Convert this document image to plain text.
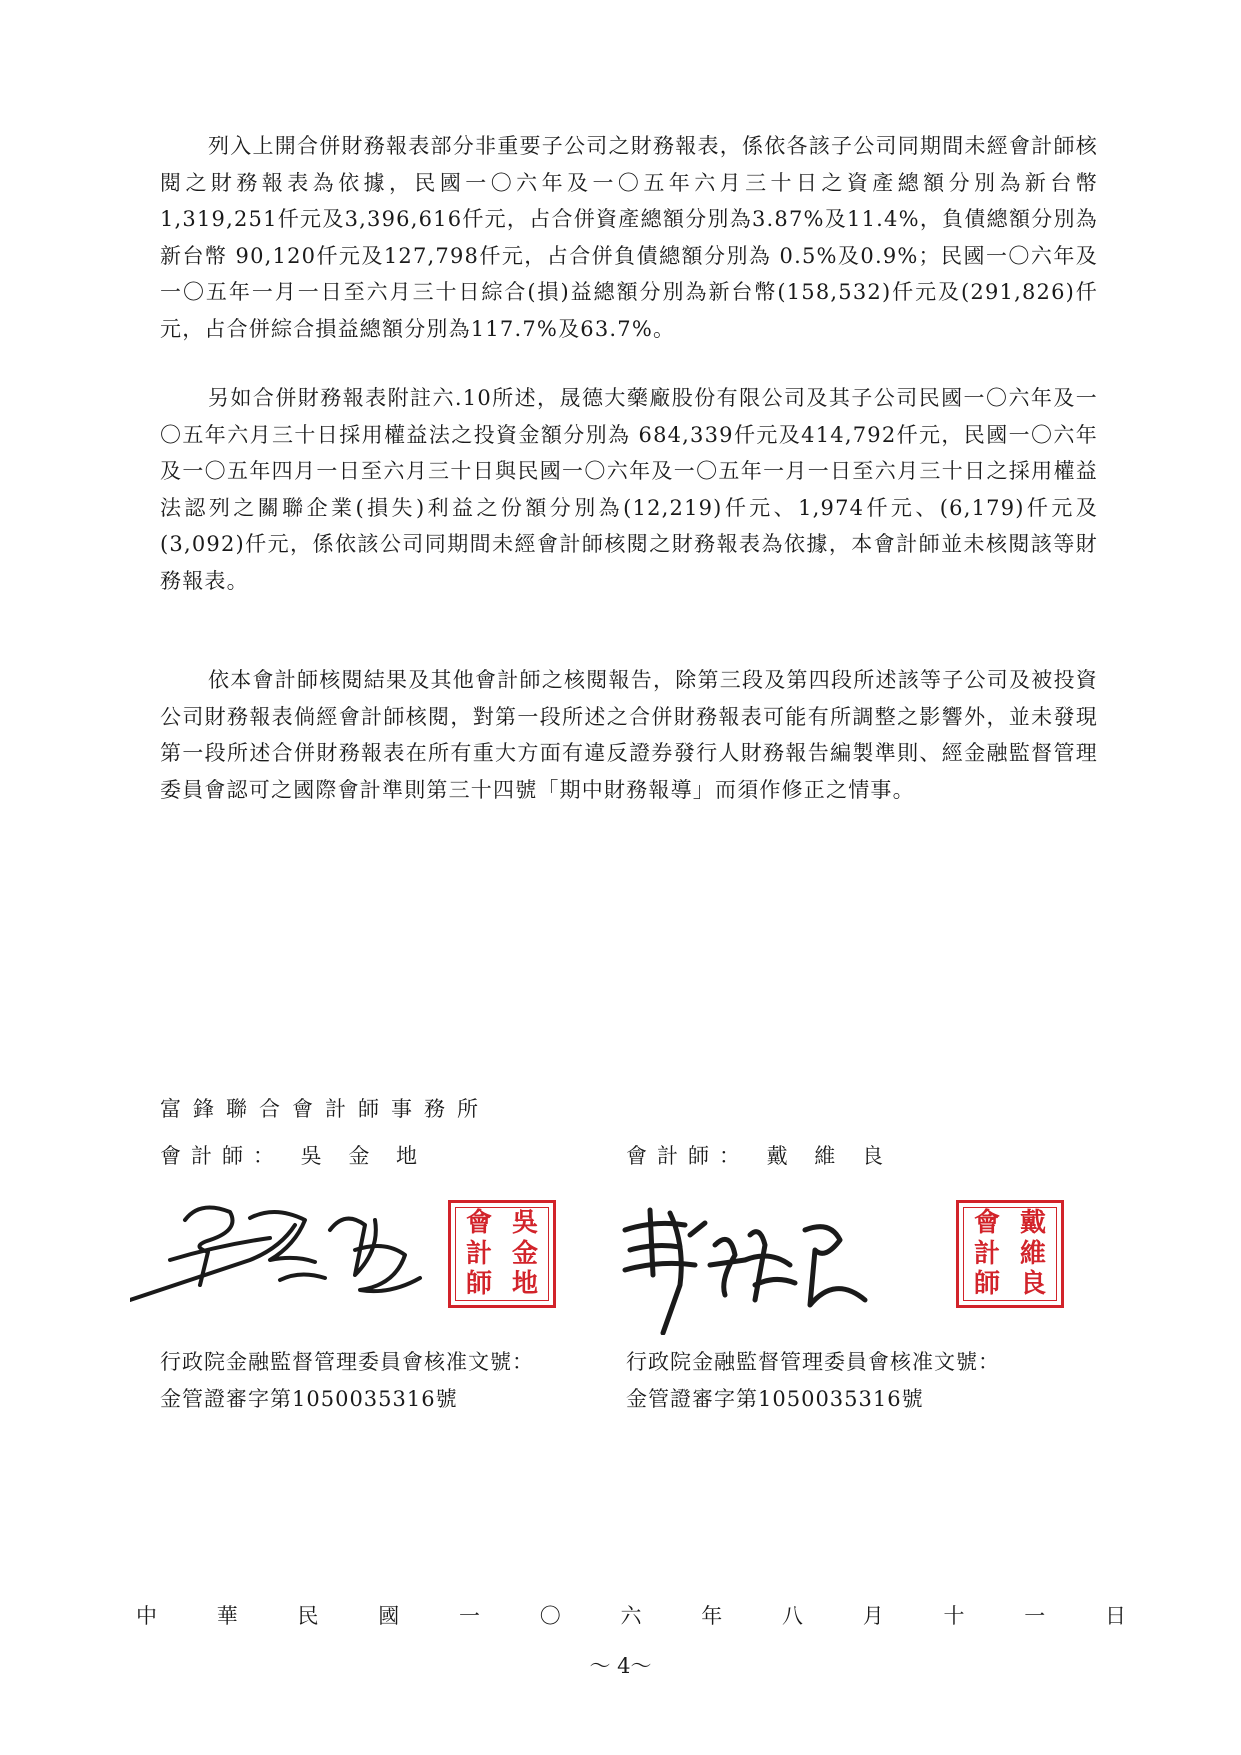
列入上開合併財務報表部分非重要子公司之財務報表，係依各該子公司同期間未經會計師核閱之財務報表為依據，民國一〇六年及一〇五年六月三十日之資產總額分別為新台幣1,319,251仟元及3,396,616仟元，占合併資產總額分別為3.87%及11.4%，負債總額分別為新台幣 90,120仟元及127,798仟元，占合併負債總額分別為 0.5%及0.9%；民國一〇六年及一〇五年一月一日至六月三十日綜合(損)益總額分別為新台幣(158,532)仟元及(291,826)仟元，占合併綜合損益總額分別為117.7%及63.7%。

另如合併財務報表附註六.10所述，晟德大藥廠股份有限公司及其子公司民國一〇六年及一〇五年六月三十日採用權益法之投資金額分別為 684,339仟元及414,792仟元，民國一〇六年及一〇五年四月一日至六月三十日與民國一〇六年及一〇五年一月一日至六月三十日之採用權益法認列之關聯企業(損失)利益之份額分別為(12,219)仟元、1,974仟元、(6,179)仟元及(3,092)仟元，係依該公司同期間未經會計師核閱之財務報表為依據，本會計師並未核閱該等財務報表。

依本會計師核閱結果及其他會計師之核閱報告，除第三段及第四段所述該等子公司及被投資公司財務報表倘經會計師核閱，對第一段所述之合併財務報表可能有所調整之影響外，並未發現第一段所述合併財務報表在所有重大方面有違反證券發行人財務報告編製準則、經金融監督管理委員會認可之國際會計準則第三十四號「期中財務報導」而須作修正之情事。

富鋒聯合會計師事務所
會計師： 吳 金 地	會計師： 戴 維 良
吳
金
地
會
計
師
戴
維
良
會
計
師
行政院金融監督管理委員會核准文號：
金管證審字第1050035316號
行政院金融監督管理委員會核准文號：
金管證審字第1050035316號
中	華	民	國	一	〇	六	年	八	月	十	一	日
～ 4～
